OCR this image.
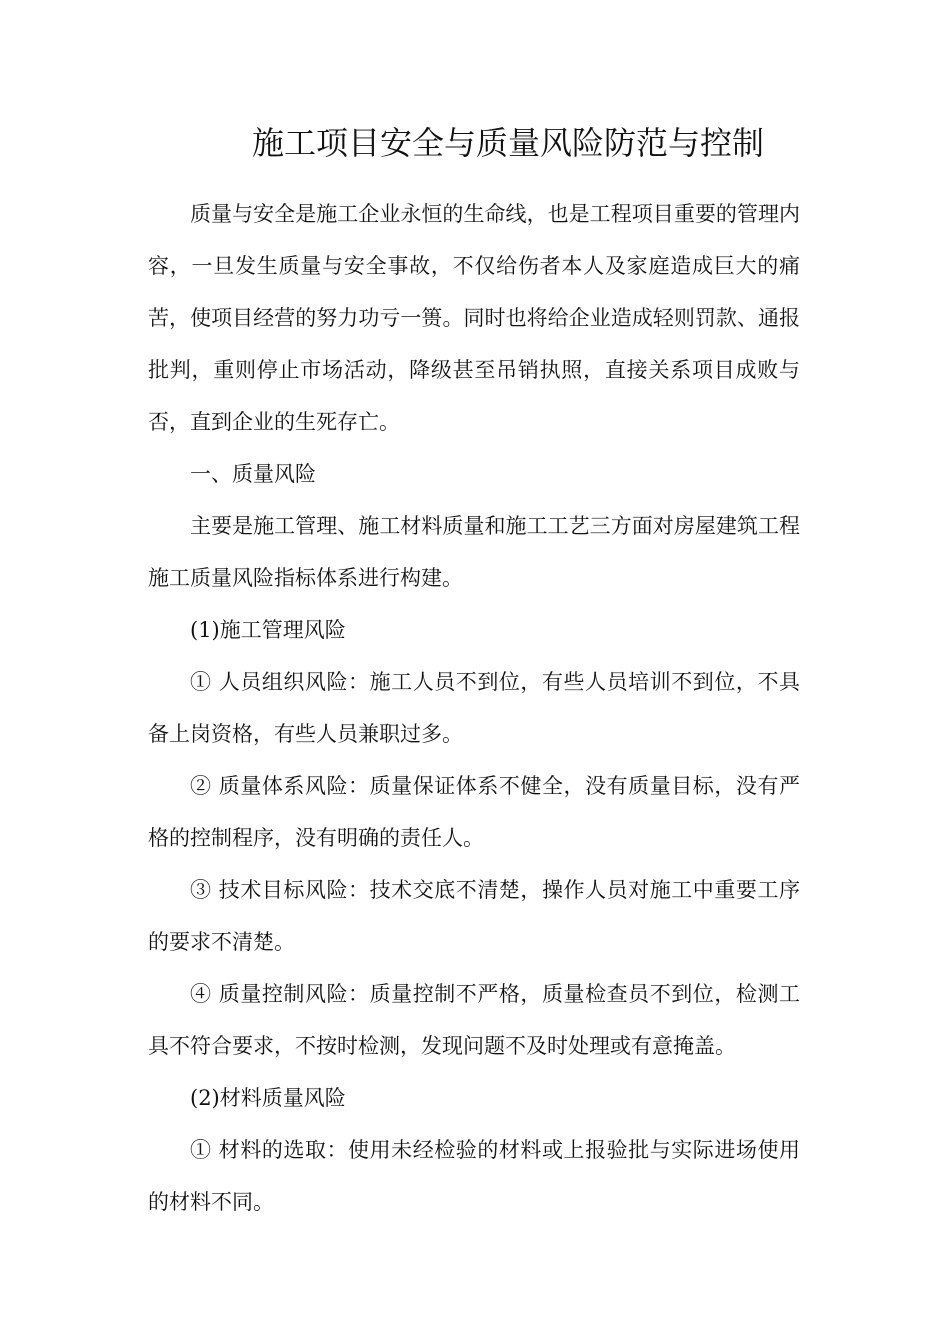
施工项目安全与质量风险防范与控制

质量与安全是施工企业永恒的生命线，也是工程项目重要的管理内容，一旦发生质量与安全事故，不仅给伤者本人及家庭造成巨大的痛苦，使项目经营的努力功亏一篑。同时也将给企业造成轻则罚款、通报批判，重则停止市场活动，降级甚至吊销执照，直接关系项目成败与否，直到企业的生死存亡。

一、质量风险

主要是施工管理、施工材料质量和施工工艺三方面对房屋建筑工程施工质量风险指标体系进行构建。

(1)施工管理风险

① 人员组织风险：施工人员不到位，有些人员培训不到位，不具备上岗资格，有些人员兼职过多。

② 质量体系风险：质量保证体系不健全，没有质量目标，没有严格的控制程序，没有明确的责任人。

③ 技术目标风险：技术交底不清楚，操作人员对施工中重要工序的要求不清楚。

④ 质量控制风险：质量控制不严格，质量检查员不到位，检测工具不符合要求，不按时检测，发现问题不及时处理或有意掩盖。

(2)材料质量风险

① 材料的选取：使用未经检验的材料或上报验批与实际进场使用的材料不同。
